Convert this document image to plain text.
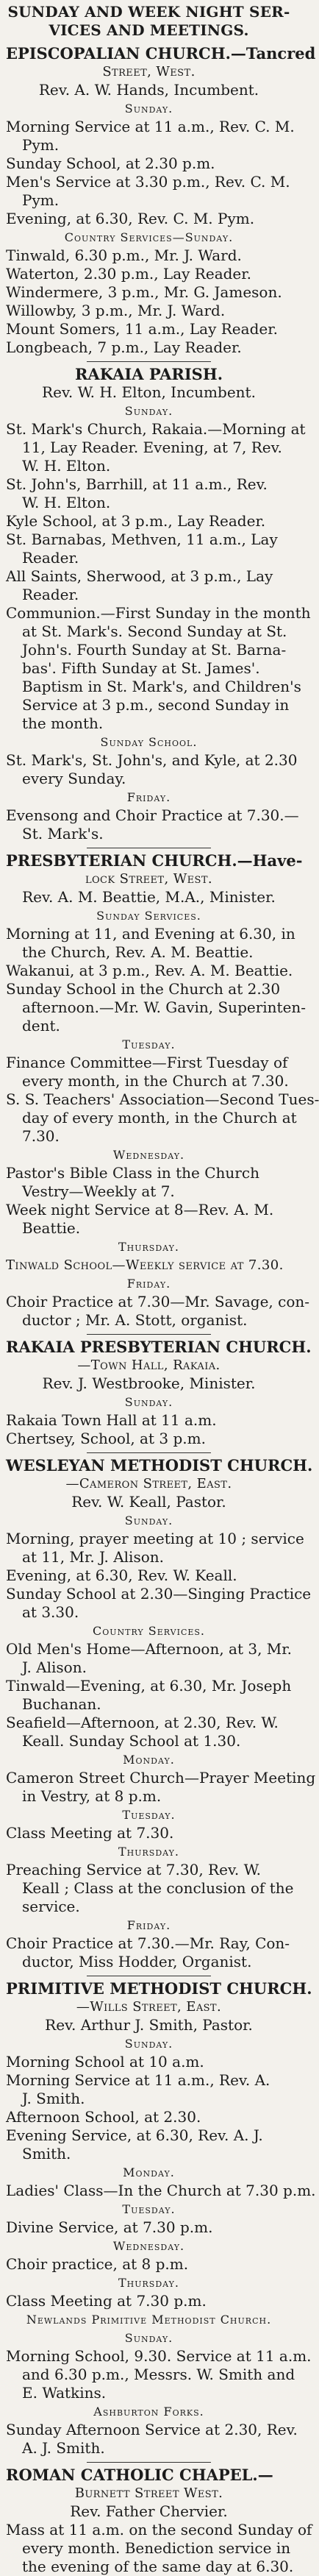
SUNDAY AND WEEK NIGHT SER-
VICES AND MEETINGS.
EPISCOPALIAN CHURCH.—Tancred
Street, West.
Rev. A. W. Hands, Incumbent.
Sunday.
Morning Service at 11 a.m., Rev. C. M.
Pym.
Sunday School, at 2.30 p.m.
Men's Service at 3.30 p.m., Rev. C. M.
Pym.
Evening, at 6.30, Rev. C. M. Pym.
Country Services—Sunday.
Tinwald, 6.30 p.m., Mr. J. Ward.
Waterton, 2.30 p.m., Lay Reader.
Windermere, 3 p.m., Mr. G. Jameson.
Willowby, 3 p.m., Mr. J. Ward.
Mount Somers, 11 a.m., Lay Reader.
Longbeach, 7 p.m., Lay Reader.
RAKAIA PARISH.
Rev. W. H. Elton, Incumbent.
Sunday.
St. Mark's Church, Rakaia.—Morning at
11, Lay Reader. Evening, at 7, Rev.
W. H. Elton.
St. John's, Barrhill, at 11 a.m., Rev.
W. H. Elton.
Kyle School, at 3 p.m., Lay Reader.
St. Barnabas, Methven, 11 a.m., Lay
Reader.
All Saints, Sherwood, at 3 p.m., Lay
Reader.
Communion.—First Sunday in the month
at St. Mark's. Second Sunday at St.
John's. Fourth Sunday at St. Barna-
bas'. Fifth Sunday at St. James'.
Baptism in St. Mark's, and Children's
Service at 3 p.m., second Sunday in
the month.
Sunday School.
St. Mark's, St. John's, and Kyle, at 2.30
every Sunday.
Friday.
Evensong and Choir Practice at 7.30.—
St. Mark's.
PRESBYTERIAN CHURCH.—Have-
lock Street, West.
Rev. A. M. Beattie, M.A., Minister.
Sunday Services.
Morning at 11, and Evening at 6.30, in
the Church, Rev. A. M. Beattie.
Wakanui, at 3 p.m., Rev. A. M. Beattie.
Sunday School in the Church at 2.30
afternoon.—Mr. W. Gavin, Superinten-
dent.
Tuesday.
Finance Committee—First Tuesday of
every month, in the Church at 7.30.
S. S. Teachers' Association—Second Tues-
day of every month, in the Church at
7.30.
Wednesday.
Pastor's Bible Class in the Church
Vestry—Weekly at 7.
Week night Service at 8—Rev. A. M.
Beattie.
Thursday.
Tinwald School—Weekly service at 7.30.
Friday.
Choir Practice at 7.30—Mr. Savage, con-
ductor ; Mr. A. Stott, organist.
RAKAIA PRESBYTERIAN CHURCH.
—Town Hall, Rakaia.
Rev. J. Westbrooke, Minister.
Sunday.
Rakaia Town Hall at 11 a.m.
Chertsey, School, at 3 p.m.
WESLEYAN METHODIST CHURCH.
—Cameron Street, East.
Rev. W. Keall, Pastor.
Sunday.
Morning, prayer meeting at 10 ; service
at 11, Mr. J. Alison.
Evening, at 6.30, Rev. W. Keall.
Sunday School at 2.30—Singing Practice
at 3.30.
Country Services.
Old Men's Home—Afternoon, at 3, Mr.
J. Alison.
Tinwald—Evening, at 6.30, Mr. Joseph
Buchanan.
Seafield—Afternoon, at 2.30, Rev. W.
Keall. Sunday School at 1.30.
Monday.
Cameron Street Church—Prayer Meeting
in Vestry, at 8 p.m.
Tuesday.
Class Meeting at 7.30.
Thursday.
Preaching Service at 7.30, Rev. W.
Keall ; Class at the conclusion of the
service.
Friday.
Choir Practice at 7.30.—Mr. Ray, Con-
ductor, Miss Hodder, Organist.
PRIMITIVE METHODIST CHURCH.
—Wills Street, East.
Rev. Arthur J. Smith, Pastor.
Sunday.
Morning School at 10 a.m.
Morning Service at 11 a.m., Rev. A.
J. Smith.
Afternoon School, at 2.30.
Evening Service, at 6.30, Rev. A. J.
Smith.
Monday.
Ladies' Class—In the Church at 7.30 p.m.
Tuesday.
Divine Service, at 7.30 p.m.
Wednesday.
Choir practice, at 8 p.m.
Thursday.
Class Meeting at 7.30 p.m.
Newlands Primitive Methodist Church.
Sunday.
Morning School, 9.30. Service at 11 a.m.
and 6.30 p.m., Messrs. W. Smith and
E. Watkins.
Ashburton Forks.
Sunday Afternoon Service at 2.30, Rev.
A. J. Smith.
ROMAN CATHOLIC CHAPEL.—
Burnett Street West.
Rev. Father Chervier.
Mass at 11 a.m. on the second Sunday of
every month. Benediction service in
the evening of the same day at 6.30.
